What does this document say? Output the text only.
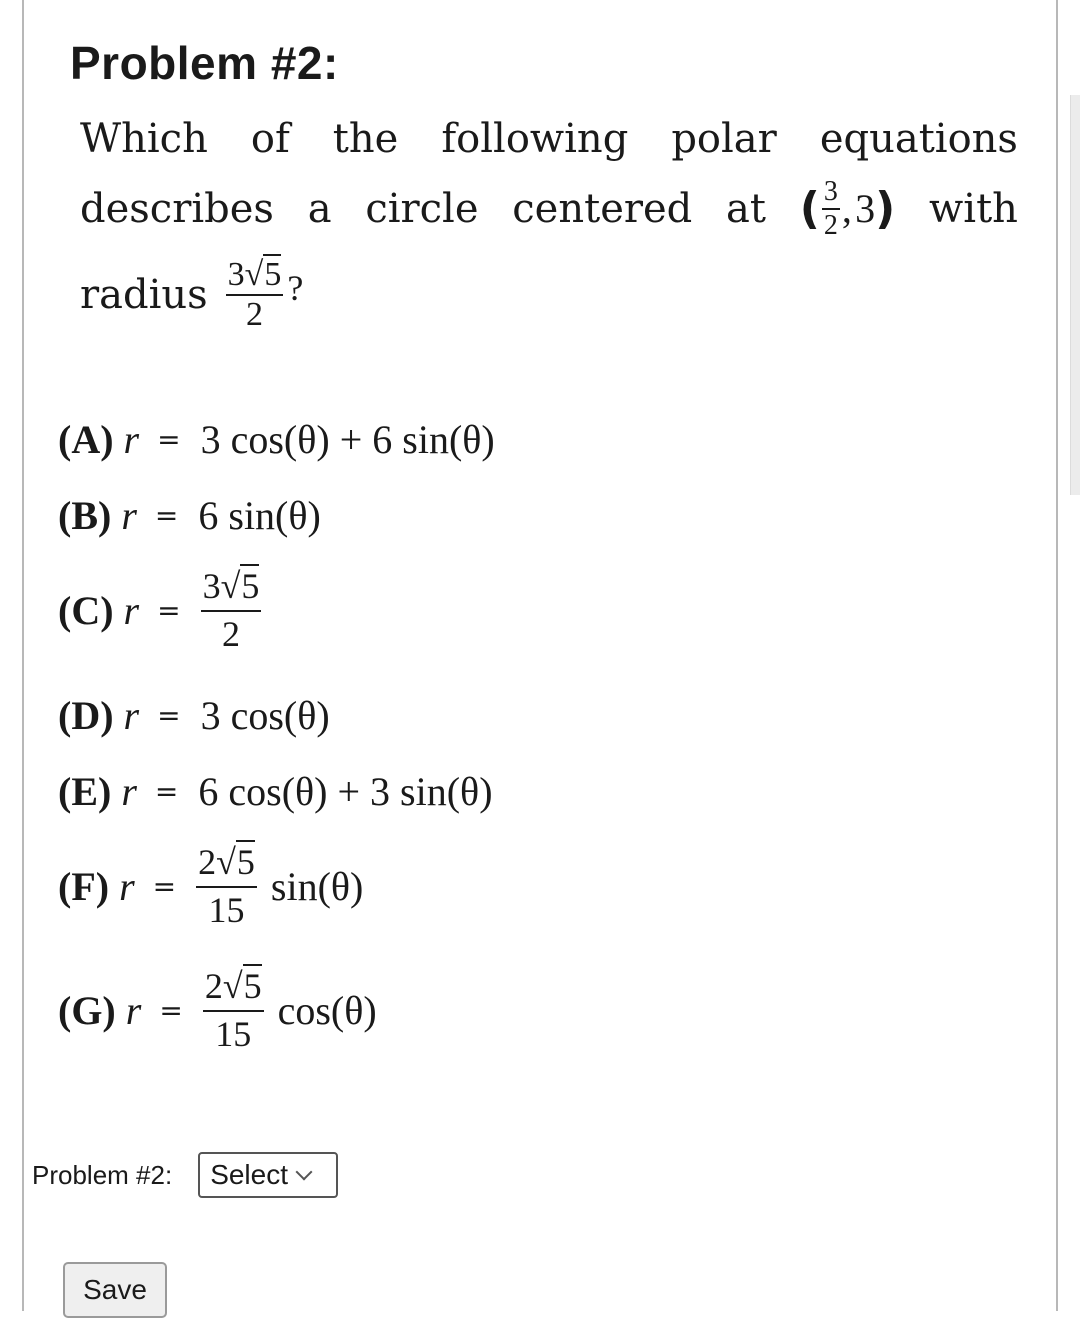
Problem #2:
Which of the following polar equations
describes a circle centered at ( $\frac{3}{2}$ ,  3 ) with
radius $\frac{3√5}{2}$ ?
(A) r = 3 cos(θ) + 6 sin(θ)
(B) r = 6 sin(θ)
(C) $r = \frac{3√5}{2}$
(D) r = 3 cos(θ)
(E) r = 6 cos(θ) + 3 sin(θ)
(F) $r = \frac{2√5}{15} \sin(\theta)$
(G) $r = \frac{2√5}{15} \cos(\theta)$
Problem #2: Select
Save
